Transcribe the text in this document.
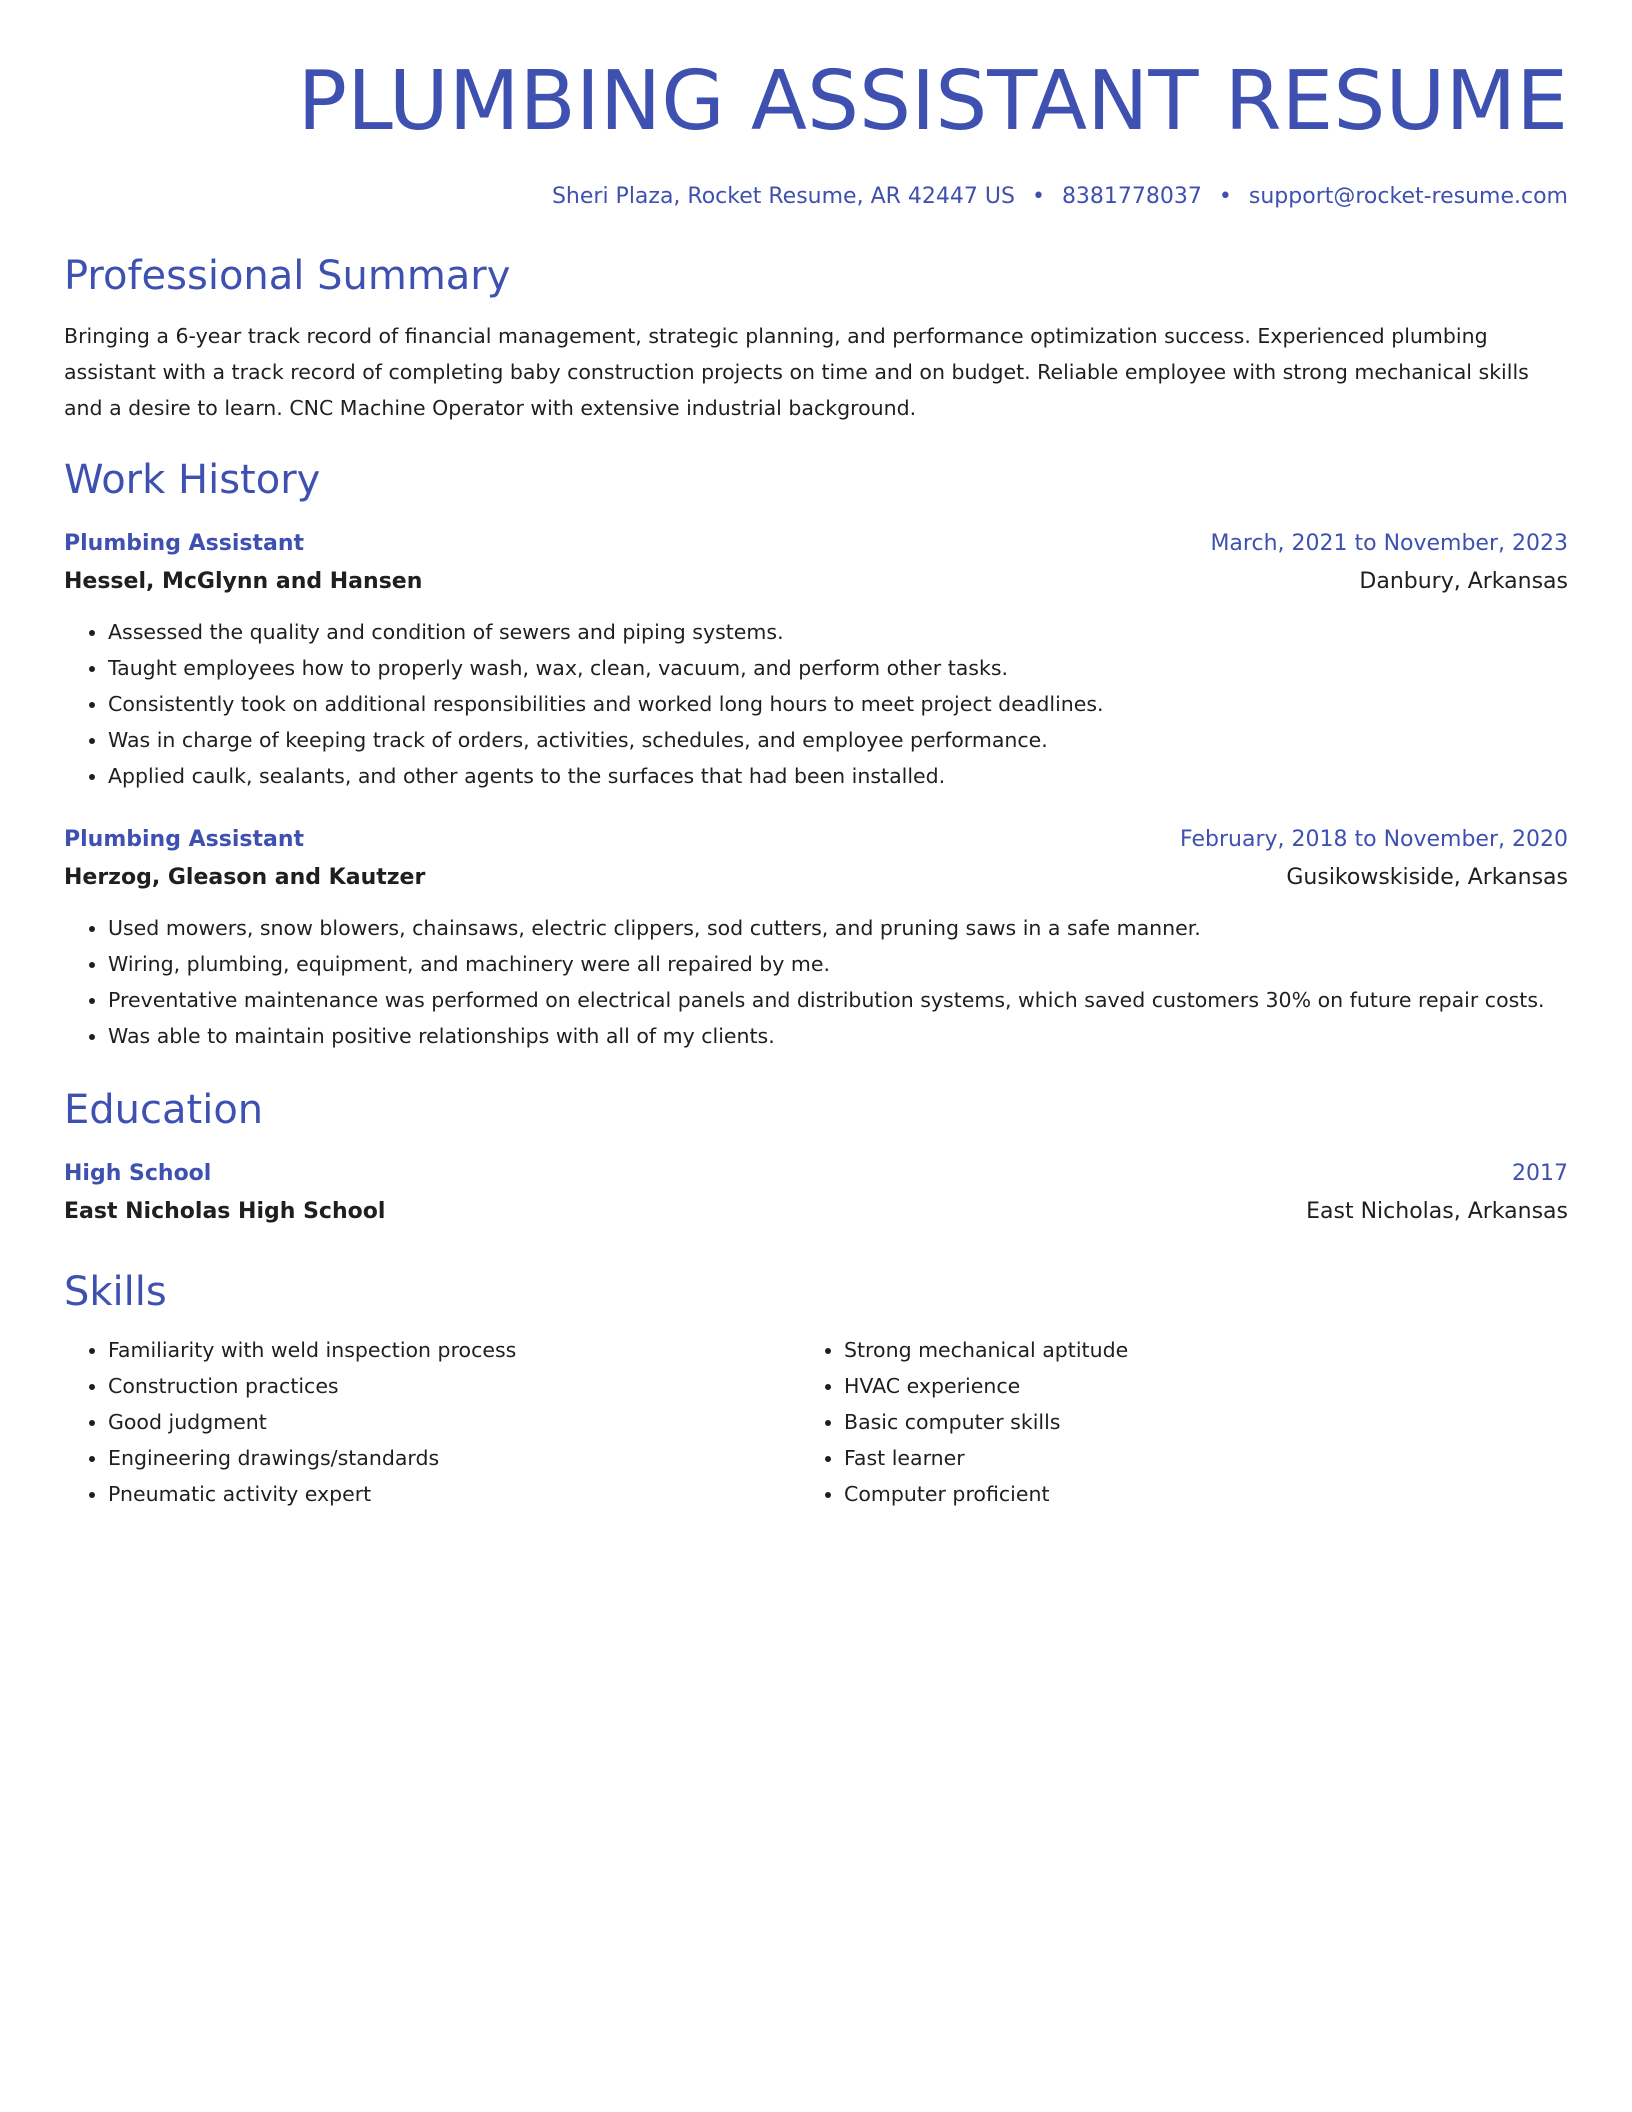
PLUMBING ASSISTANT RESUME
Sheri Plaza, Rocket Resume, AR 42447 US • 8381778037 • support@rocket-resume.com
Professional Summary

Bringing a 6-year track record of financial management, strategic planning, and performance optimization success. Experienced plumbing assistant with a track record of completing baby construction projects on time and on budget. Reliable employee with strong mechanical skills and a desire to learn. CNC Machine Operator with extensive industrial background.

Work History
Plumbing Assistant	March, 2021 to November, 2023
Hessel, McGlynn and Hansen	Danbury, Arkansas
• Assessed the quality and condition of sewers and piping systems.
• Taught employees how to properly wash, wax, clean, vacuum, and perform other tasks.
• Consistently took on additional responsibilities and worked long hours to meet project deadlines.
• Was in charge of keeping track of orders, activities, schedules, and employee performance.
• Applied caulk, sealants, and other agents to the surfaces that had been installed.
Plumbing Assistant	February, 2018 to November, 2020
Herzog, Gleason and Kautzer	Gusikowskiside, Arkansas
• Used mowers, snow blowers, chainsaws, electric clippers, sod cutters, and pruning saws in a safe manner.
• Wiring, plumbing, equipment, and machinery were all repaired by me.
• Preventative maintenance was performed on electrical panels and distribution systems, which saved customers 30% on future repair costs.
• Was able to maintain positive relationships with all of my clients.
Education
High School	2017
East Nicholas High School	East Nicholas, Arkansas
Skills
• Familiarity with weld inspection process
• Construction practices
• Good judgment
• Engineering drawings/standards
• Pneumatic activity expert
• Strong mechanical aptitude
• HVAC experience
• Basic computer skills
• Fast learner
• Computer proficient
